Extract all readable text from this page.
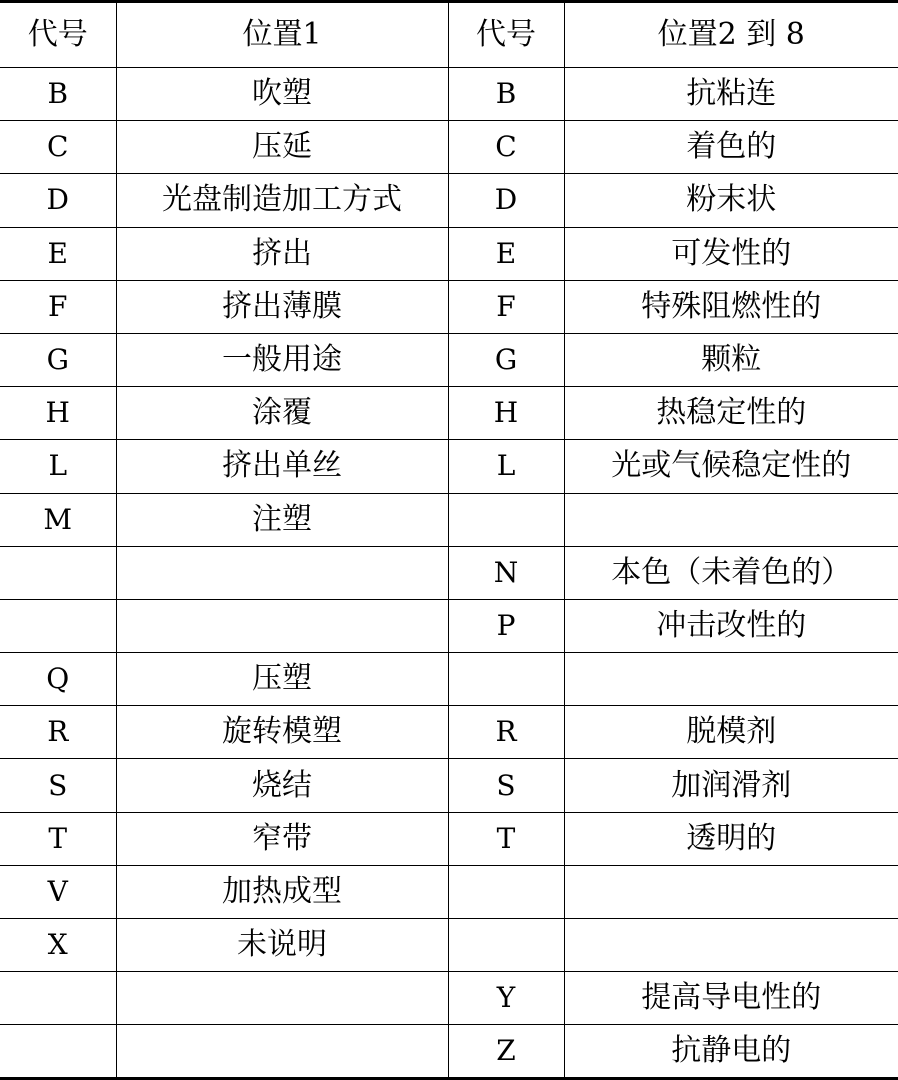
代号	位置1	代号	位置2 到 8
B	吹塑	B	抗粘连
C	压延	C	着色的
D	光盘制造加工方式	D	粉末状
E	挤出	E	可发性的
F	挤出薄膜	F	特殊阻燃性的
G	一般用途	G	颗粒
H	涂覆	H	热稳定性的
L	挤出单丝	L	光或气候稳定性的
M	注塑		
		N	本色（未着色的）
		P	冲击改性的
Q	压塑		
R	旋转模塑	R	脱模剂
S	烧结	S	加润滑剂
T	窄带	T	透明的
V	加热成型		
X	未说明		
		Y	提高导电性的
		Z	抗静电的
